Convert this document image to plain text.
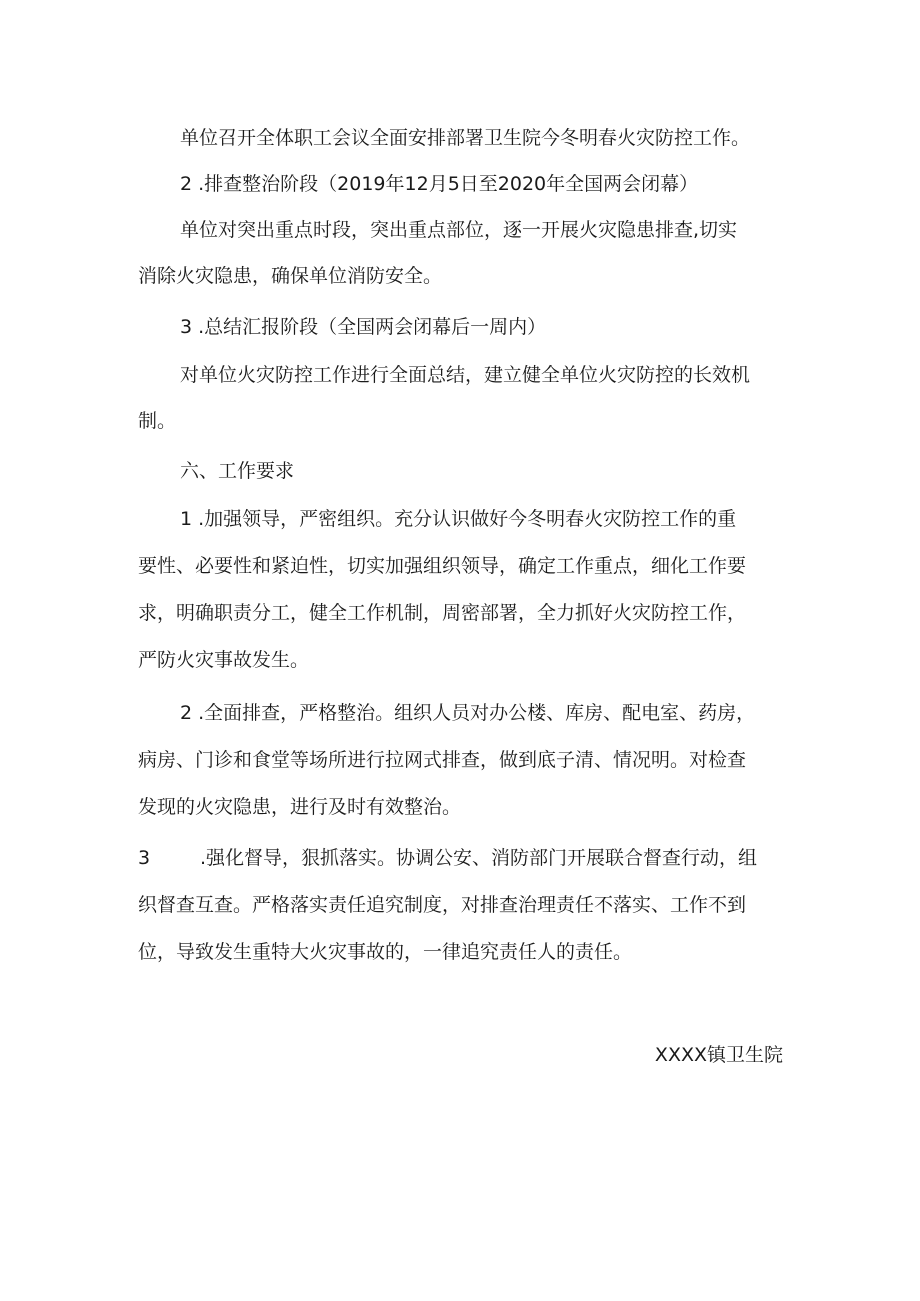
单位召开全体职工会议全面安排部署卫生院今冬明春火灾防控工作。
2 .排查整治阶段（2019年12月5日至2020年全国两会闭幕）
单位对突出重点时段，突出重点部位，逐一开展火灾隐患排查,切实
消除火灾隐患，确保单位消防安全。
3 .总结汇报阶段（全国两会闭幕后一周内）
对单位火灾防控工作进行全面总结，建立健全单位火灾防控的长效机
制。
六、工作要求
1 .加强领导，严密组织。充分认识做好今冬明春火灾防控工作的重
要性、必要性和紧迫性，切实加强组织领导，确定工作重点，细化工作要
求，明确职责分工，健全工作机制，周密部署，全力抓好火灾防控工作，
严防火灾事故发生。
2 .全面排查，严格整治。组织人员对办公楼、库房、配电室、药房，
病房、门诊和食堂等场所进行拉网式排查，做到底子清、情况明。对检查
发现的火灾隐患，进行及时有效整治。
3	.强化督导，狠抓落实。协调公安、消防部门开展联合督查行动，组
织督查互查。严格落实责任追究制度，对排查治理责任不落实、工作不到
位，导致发生重特大火灾事故的，一律追究责任人的责任。
XXXX镇卫生院
